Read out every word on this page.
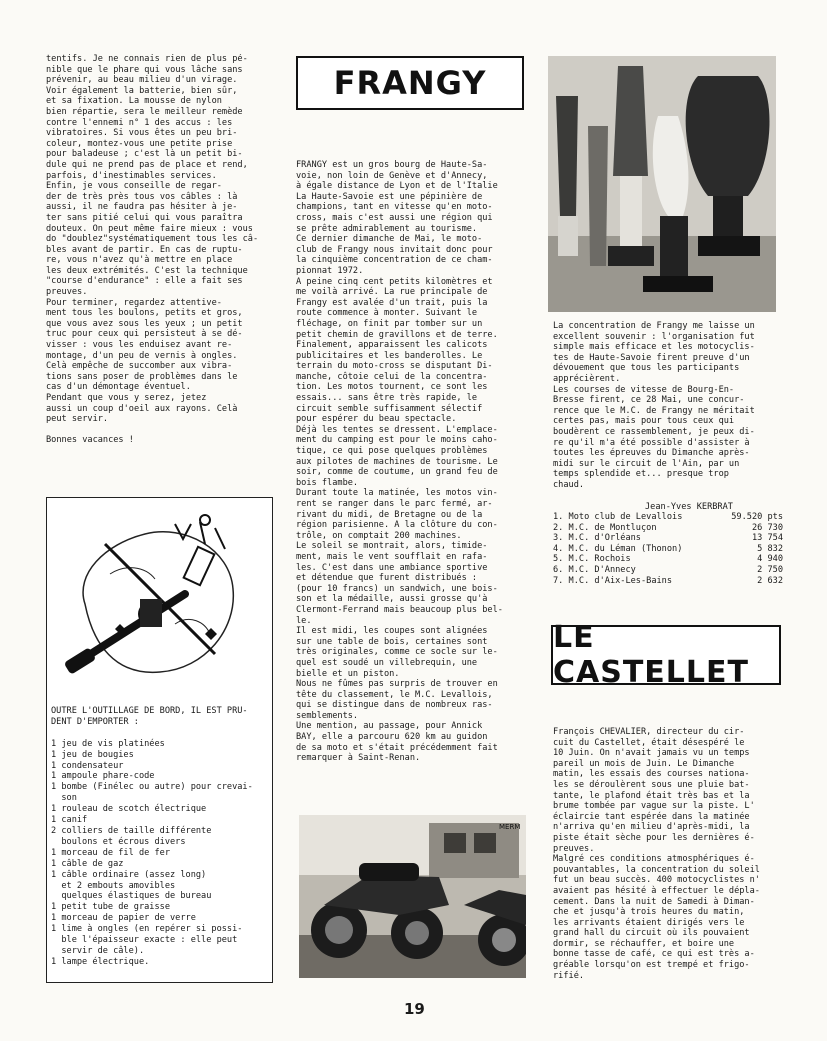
tentifs. Je ne connais rien de plus pé-
nible que le phare qui vous lâche sans
prévenir, au beau milieu d'un virage.
Voir également la batterie, bien sûr,
et sa fixation. La mousse de nylon
bien répartie, sera le meilleur remède
contre l'ennemi n° 1 des accus : les
vibratoires. Si vous êtes un peu bri-
coleur, montez-vous une petite prise
pour baladeuse ; c'est là un petit bi-
dule qui ne prend pas de place et rend,
parfois, d'inestimables services.
Enfin, je vous conseille de regar-
der de très près tous vos câbles : là
aussi, il ne faudra pas hésiter à je-
ter sans pitié celui qui vous paraîtra
douteux. On peut même faire mieux : vous
do "doublez"systématiquement tous les câ-
bles avant de partir. En cas de ruptu-
re, vous n'avez qu'à mettre en place
les deux extrémités. C'est la technique
"course d'endurance" : elle a fait ses
preuves.
Pour terminer, regardez attentive-
ment tous les boulons, petits et gros,
que vous avez sous les yeux ; un petit
truc pour ceux qui persisteut à se dé-
visser : vous les enduisez avant re-
montage, d'un peu de vernis à ongles.
Celà empêche de succomber aux vibra-
tions sans poser de problèmes dans le
cas d'un démontage éventuel.
Pendant que vous y serez, jetez
aussi un coup d'oeil aux rayons. Celà
peut servir.

Bonnes vacances !
OUTRE L'OUTILLAGE DE BORD, IL EST PRU-
DENT D'EMPORTER :

1 jeu de vis platinées
1 jeu de bougies
1 condensateur
1 ampoule phare-code
1 bombe (Finélec ou autre) pour crevai-
son
1 rouleau de scotch électrique
1 canif
2 colliers de taille différente
boulons et écrous divers
1 morceau de fil de fer
1 câble de gaz
1 câble ordinaire (assez long)
et 2 embouts amovibles
quelques élastiques de bureau
1 petit tube de graisse
1 morceau de papier de verre
1 lime à ongles (en repérer si possi-
ble l'épaisseur exacte : elle peut
servir de câle).
1 lampe électrique.
FRANGY
FRANGY est un gros bourg de Haute-Sa-
voie, non loin de Genève et d'Annecy,
à égale distance de Lyon et de l'Italie
La Haute-Savoie est une pépinière de
champions, tant en vitesse qu'en moto-
cross, mais c'est aussi une région qui
se prête admirablement au tourisme.
Ce dernier dimanche de Mai, le moto-
club de Frangy nous invitait donc pour
la cinquième concentration de ce cham-
pionnat 1972.
A peine cinq cent petits kilomètres et
me voilà arrivé. La rue principale de
Frangy est avalée d'un trait, puis la
route commence à monter. Suivant le
fléchage, on finit par tomber sur un
petit chemin de gravillons et de terre.
Finalement, apparaissent les calicots
publicitaires et les banderolles. Le
terrain du moto-cross se disputant Di-
manche, côtoie celui de la concentra-
tion. Les motos tournent, ce sont les
essais... sans être très rapide, le
circuit semble suffisamment sélectif
pour espérer du beau spectacle.
Déjà les tentes se dressent. L'emplace-
ment du camping est pour le moins caho-
tique, ce qui pose quelques problèmes
aux pilotes de machines de tourisme. Le
soir, comme de coutume, un grand feu de
bois flambe.
Durant toute la matinée, les motos vin-
rent se ranger dans le parc fermé, ar-
rivant du midi, de Bretagne ou de la
région parisienne. A la clôture du con-
trôle, on comptait 200 machines.
Le soleil se montrait, alors, timide-
ment, mais le vent soufflait en rafa-
les. C'est dans une ambiance sportive
et détendue que furent distribués :
(pour 10 francs) un sandwich, une bois-
son et la médaille, aussi grosse qu'à
Clermont-Ferrand mais beaucoup plus bel-
le.
Il est midi, les coupes sont alignées
sur une table de bois, certaines sont
très originales, comme ce socle sur le-
quel est soudé un villebrequin, une
bielle et un piston.
Nous ne fûmes pas surpris de trouver en
tête du classement, le M.C. Levallois,
qui se distingue dans de nombreux ras-
semblements.
Une mention, au passage, pour Annick
BAY, elle a parcouru 620 km au guidon
de sa moto et s'était précédemment fait
remarquer à Saint-Renan.
MERM
La concentration de Frangy me laisse un
excellent souvenir : l'organisation fut
simple mais efficace et les motocyclis-
tes de Haute-Savoie firent preuve d'un
dévouement que tous les participants
apprécièrent.
Les courses de vitesse de Bourg-En-
Bresse firent, ce 28 Mai, une concur-
rence que le M.C. de Frangy ne méritait
certes pas, mais pour tous ceux qui
boudèrent ce rassemblement, je peux di-
re qu'il m'a été possible d'assister à
toutes les épreuves du Dimanche après-
midi sur le circuit de l'Ain, par un
temps splendide et... presque trop
chaud.
Jean-Yves KERBRAT
1. Moto club de Levallois	59.520 pts
2. M.C. de Montluçon	26 730
3. M.C. d'Orléans	13 754
4. M.C. du Léman (Thonon)	5 832
5. M.C. Rochois	4 940
6. M.C. D'Annecy	2 750
7. M.C. d'Aix-Les-Bains	2 632
LE CASTELLET
François CHEVALIER, directeur du cir-
cuit du Castellet, était désespéré le
10 Juin. On n'avait jamais vu un temps
pareil un mois de Juin. Le Dimanche
matin, les essais des courses nationa-
les se déroulèrent sous une pluie bat-
tante, le plafond était très bas et la
brume tombée par vague sur la piste. L'
éclaircie tant espérée dans la matinée
n'arriva qu'en milieu d'après-midi, la
piste était sèche pour les dernières é-
preuves.
Malgré ces conditions atmosphériques é-
pouvantables, la concentration du soleil
fut un beau succès. 400 motocyclistes n'
avaient pas hésité à effectuer le dépla-
cement. Dans la nuit de Samedi à Diman-
che et jusqu'à trois heures du matin,
les arrivants étaient dirigés vers le
grand hall du circuit où ils pouvaient
dormir, se réchauffer, et boire une
bonne tasse de café, ce qui est très a-
gréable lorsqu'on est trempé et frigo-
rifié.
19
